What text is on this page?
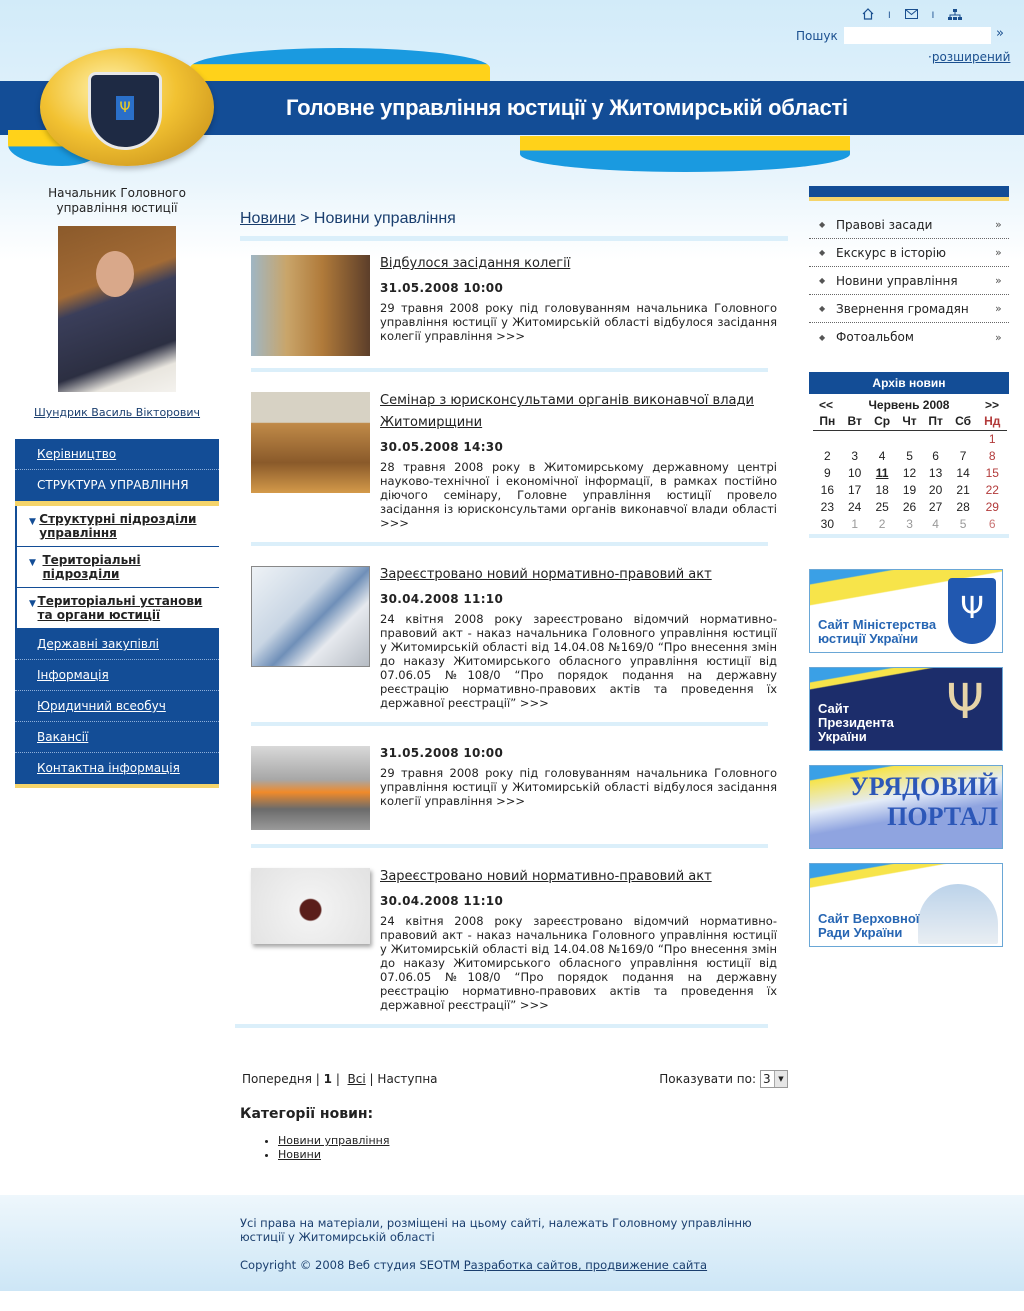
Головне управління юстиції у Житомирській області
Ψ
I	I
Пошук	»
·розширений
Начальник Головного управління юстиції
Шундрик Василь Вікторович
Керівництво
СТРУКТУРА УПРАВЛІННЯ
▼ Структурні підрозділи управління
▼ Територіальні підрозділи
▼ Територіальні установи та органи юстиції
Державні закупівлі
Інформація
Юридичний всеобуч
Вакансії
Контактна інформація
Новини > Новини управління
Відбулося засідання колегії
31.05.2008 10:00
29 травня 2008 року під головуванням начальника Головного управління юстиції у Житомирській області відбулося засідання колегії управління >>>
Семінар з юрисконсультами органів виконавчої влади Житомирщини
30.05.2008 14:30
28 травня 2008 року в Житомирському державному центрі науково-технічної і економічної інформації, в рамках постійно діючого семінару, Головне управління юстиції провело засідання із юрисконсультами органів виконавчої влади області >>>
Зареєстровано новий нормативно-правовий акт
30.04.2008 11:10
24 квітня 2008 року зареєстровано відомчий нормативно-правовий акт - наказ начальника Головного управління юстиції у Житомирській області від 14.04.08 №169/0 “Про внесення змін до наказу Житомирського обласного управління юстиції від 07.06.05 №108/0 “Про порядок подання на державну реєстрацію нормативно-правових актів та проведення їх державної реєстрації” >>>
31.05.2008 10:00
29 травня 2008 року під головуванням начальника Головного управління юстиції у Житомирській області відбулося засідання колегії управління >>>
Зареєстровано новий нормативно-правовий акт
30.04.2008 11:10
24 квітня 2008 року зареєстровано відомчий нормативно-правовий акт - наказ начальника Головного управління юстиції у Житомирській області від 14.04.08 №169/0 “Про внесення змін до наказу Житомирського обласного управління юстиції від 07.06.05 №108/0 “Про порядок подання на державну реєстрацію нормативно-правових актів та проведення їх державної реєстрації” >>>
Попередня | 1 | Всі | Наступна	Показувати по: 3	▼
Категорії новин:
• Новини управління
• Новини
◆ Правові засади	»
◆ Екскурс в історію	»
◆ Новини управління	»
◆ Звернення громадян	»
◆ Фотоальбом	»
Архів новин
<<	Червень 2008	>>
Пн	Вт	Ср	Чт	Пт	Сб	Нд
						1
2	3	4	5	6	7	8
9	10	11	12	13	14	15
16	17	18	19	20	21	22
23	24	25	26	27	28	29
30	1	2	3	4	5	6
Ψ
Сайт Міністерства юстиції України
Ψ
Сайт Президента України
УРЯДОВИЙ
ПОРТАЛ
Сайт Верховної Ради України
Усі права на матеріали, розміщені на цьому сайті, належать Головному управлінню юстиції у Житомирській області
Copyright © 2008 Веб студия SEOTM Разработка сайтов, продвижение сайта
